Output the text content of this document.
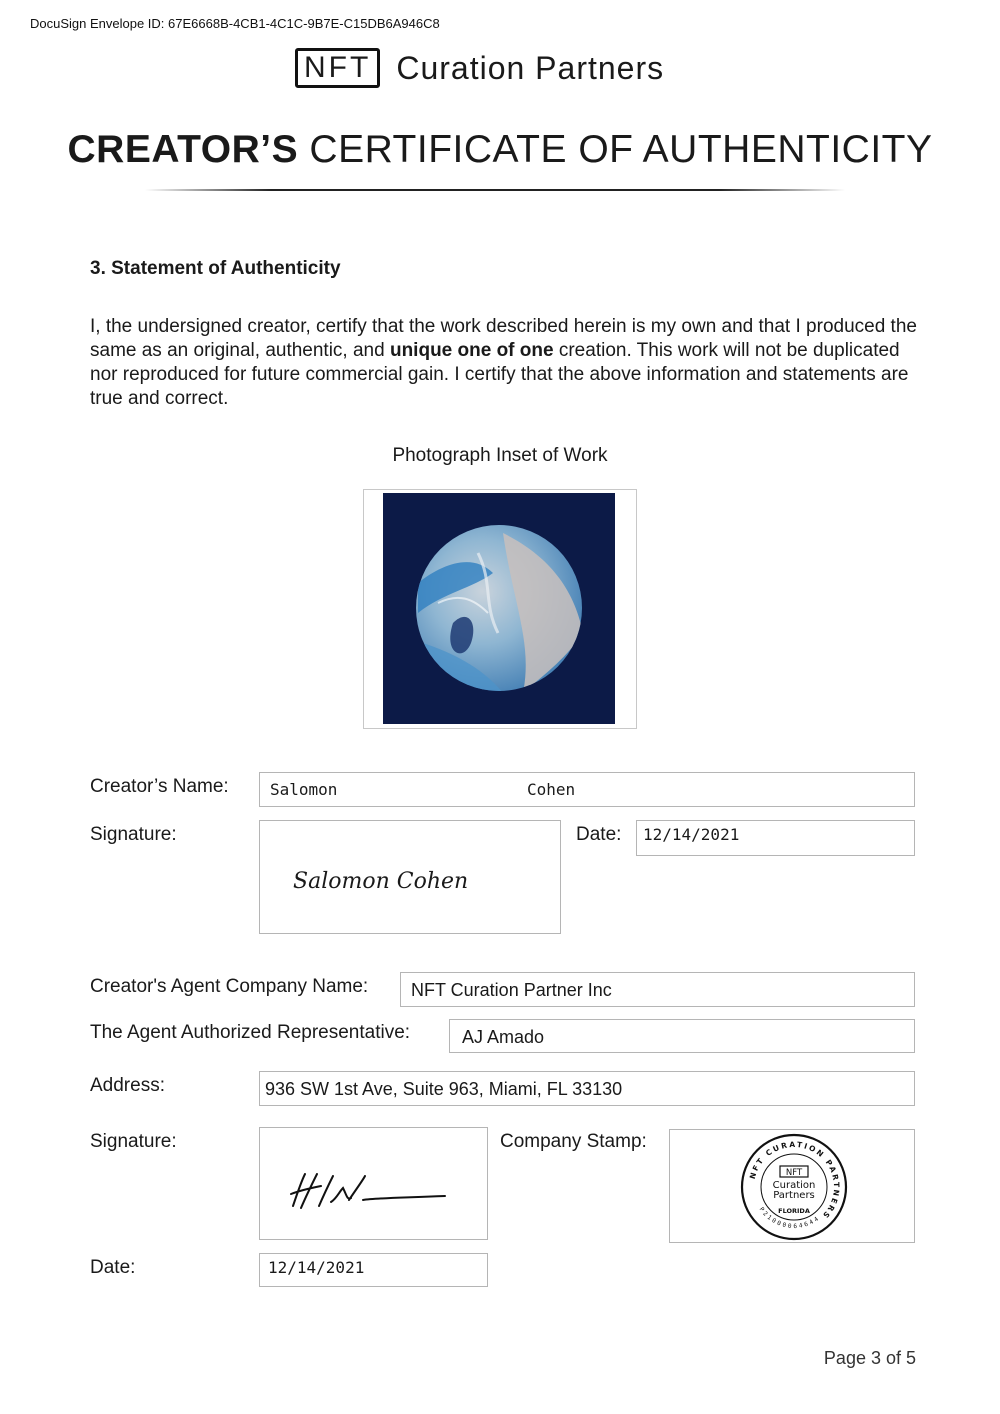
DocuSign Envelope ID: 67E6668B-4CB1-4C1C-9B7E-C15DB6A946C8
NFT Curation Partners
CREATOR’S CERTIFICATE OF AUTHENTICITY
3. Statement of Authenticity
I, the undersigned creator, certify that the work described herein is my own and that I produced the same as an original, authentic, and unique one of one creation. This work will not be duplicated nor reproduced for future commercial gain. I certify that the above information and statements are true and correct.
Photograph Inset of Work
Creator’s Name:	Salomon	Cohen
Signature:
Salomon Cohen
Date: 12/14/2021
Creator's Agent Company Name: NFT Curation Partner Inc
The Agent Authorized Representative:	AJ Amado
Address:	936 SW 1st Ave, Suite 963, Miami, FL 33130
Signature:	Company Stamp:
NFT CURATION PARTNERS
P21000064644
NFT
Curation
Partners
FLORIDA
Date:	12/14/2021
Page 3 of 5
